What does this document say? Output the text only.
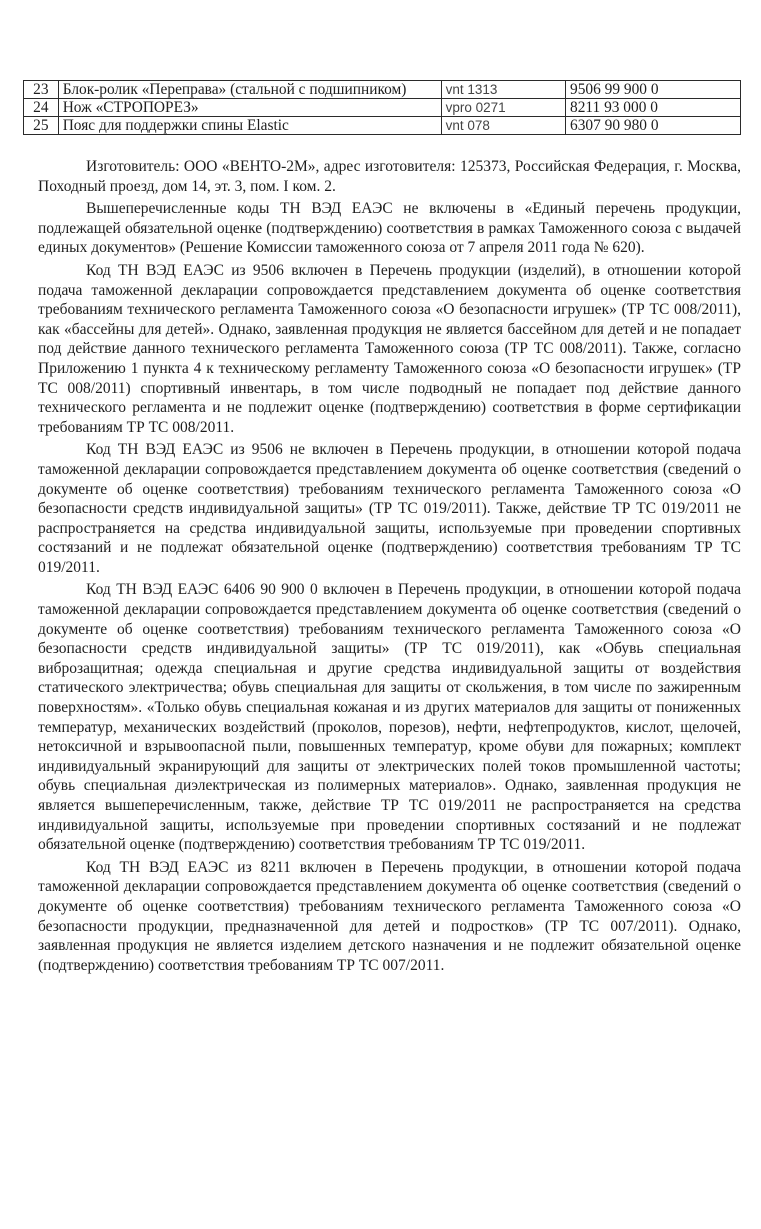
23	Блок-ролик «Переправа» (стальной с подшипником)	vnt 1313	9506 99 900 0
24	Нож «СТРОПОРЕЗ»	vpro 0271	8211 93 000 0
25	Пояс для поддержки спины Elastic	vnt 078	6307 90 980 0

Изготовитель: ООО «ВЕНТО-2М», адрес изготовителя: 125373, Российская Федерация, г. Москва, Походный проезд, дом 14, эт. 3, пом. I ком. 2.

Вышеперечисленные коды ТН ВЭД ЕАЭС не включены в «Единый перечень продукции, подлежащей обязательной оценке (подтверждению) соответствия в рамках Таможенного союза с выдачей единых документов» (Решение Комиссии таможенного союза от 7 апреля 2011 года № 620).

Код ТН ВЭД ЕАЭС из 9506 включен в Перечень продукции (изделий), в отношении которой подача таможенной декларации сопровождается представлением документа об оценке соответствия требованиям технического регламента Таможенного союза «О безопасности игрушек» (ТР ТС 008/2011), как «бассейны для детей». Однако, заявленная продукция не является бассейном для детей и не попадает под действие данного технического регламента Таможенного союза (ТР ТС 008/2011). Также, согласно Приложению 1 пункта 4 к техническому регламенту Таможенного союза «О безопасности игрушек» (ТР ТС 008/2011) спортивный инвентарь, в том числе подводный не попадает под действие данного технического регламента и не подлежит оценке (подтверждению) соответствия в форме сертификации требованиям ТР ТС 008/2011.

Код ТН ВЭД ЕАЭС из 9506 не включен в Перечень продукции, в отношении которой подача таможенной декларации сопровождается представлением документа об оценке соответствия (сведений о документе об оценке соответствия) требованиям технического регламента Таможенного союза «О безопасности средств индивидуальной защиты» (ТР ТС 019/2011). Также, действие ТР ТС 019/2011 не распространяется на средства индивидуальной защиты, используемые при проведении спортивных состязаний и не подлежат обязательной оценке (подтверждению) соответствия требованиям ТР ТС 019/2011.

Код ТН ВЭД ЕАЭС 6406 90 900 0 включен в Перечень продукции, в отношении которой подача таможенной декларации сопровождается представлением документа об оценке соответствия (сведений о документе об оценке соответствия) требованиям технического регламента Таможенного союза «О безопасности средств индивидуальной защиты» (ТР ТС 019/2011), как «Обувь специальная виброзащитная; одежда специальная и другие средства индивидуальной защиты от воздействия статического электричества; обувь специальная для защиты от скольжения, в том числе по зажиренным поверхностям». «Только обувь специальная кожаная и из других материалов для защиты от пониженных температур, механических воздействий (проколов, порезов), нефти, нефтепродуктов, кислот, щелочей, нетоксичной и взрывоопасной пыли, повышенных температур, кроме обуви для пожарных; комплект индивидуальный экранирующий для защиты от электрических полей токов промышленной частоты; обувь специальная диэлектрическая из полимерных материалов». Однако, заявленная продукция не является вышеперечисленным, также, действие ТР ТС 019/2011 не распространяется на средства индивидуальной защиты, используемые при проведении спортивных состязаний и не подлежат обязательной оценке (подтверждению) соответствия требованиям ТР ТС 019/2011.

Код ТН ВЭД ЕАЭС из 8211 включен в Перечень продукции, в отношении которой подача таможенной декларации сопровождается представлением документа об оценке соответствия (сведений о документе об оценке соответствия) требованиям технического регламента Таможенного союза «О безопасности продукции, предназначенной для детей и подростков» (ТР ТС 007/2011). Однако, заявленная продукция не является изделием детского назначения и не подлежит обязательной оценке (подтверждению) соответствия требованиям ТР ТС 007/2011.
